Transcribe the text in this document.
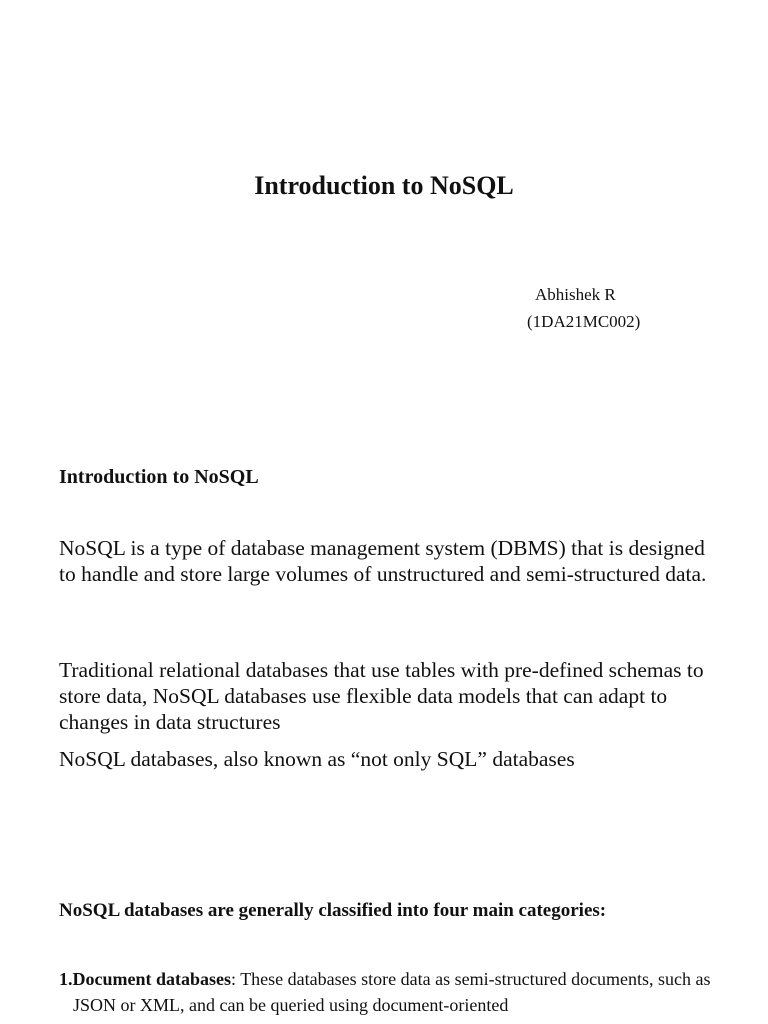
Introduction to NoSQL
Abhishek R
(1DA21MC002)
Introduction to NoSQL

NoSQL is a type of database management system (DBMS) that is designed to handle and store large volumes of unstructured and semi-structured data.

Traditional relational databases that use tables with pre-defined schemas to store data, NoSQL databases use flexible data models that can adapt to changes in data structures

NoSQL databases, also known as “not only SQL” databases

NoSQL databases are generally classified into four main categories:

1.Document databases: These databases store data as semi-structured documents, such as JSON or XML, and can be queried using document-oriented
